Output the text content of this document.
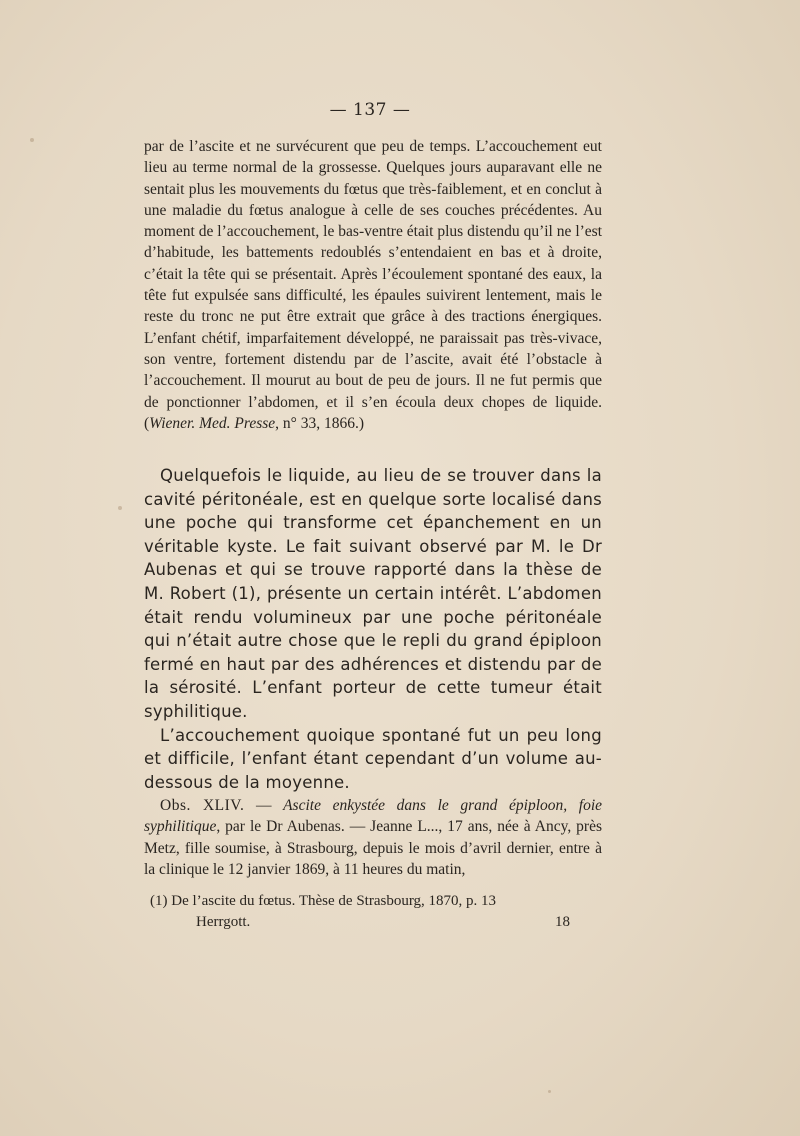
— 137 —

par de l’ascite et ne survécurent que peu de temps. L’accouchement eut lieu au terme normal de la grossesse. Quelques jours auparavant elle ne sentait plus les mouvements du fœtus que très-faiblement, et en conclut à une maladie du fœtus analogue à celle de ses couches précédentes. Au moment de l’accouchement, le bas-ventre était plus distendu qu’il ne l’est d’habitude, les battements redoublés s’entendaient en bas et à droite, c’était la tête qui se présentait. Après l’écoulement spontané des eaux, la tête fut expulsée sans difficulté, les épaules suivirent lentement, mais le reste du tronc ne put être extrait que grâce à des tractions énergiques. L’enfant chétif, imparfaitement développé, ne paraissait pas très-vivace, son ventre, fortement distendu par de l’ascite, avait été l’obstacle à l’accouchement. Il mourut au bout de peu de jours. Il ne fut permis que de ponctionner l’abdomen, et il s’en écoula deux chopes de liquide. (Wiener. Med. Presse, n° 33, 1866.)

Quelquefois le liquide, au lieu de se trouver dans la cavité péritonéale, est en quelque sorte localisé dans une poche qui transforme cet épanchement en un véritable kyste. Le fait suivant observé par M. le Dr Aubenas et qui se trouve rapporté dans la thèse de M. Robert (1), présente un certain intérêt. L’abdomen était rendu volumineux par une poche péritonéale qui n’était autre chose que le repli du grand épiploon fermé en haut par des adhérences et distendu par de la sérosité. L’enfant porteur de cette tumeur était syphilitique.

L’accouchement quoique spontané fut un peu long et difficile, l’enfant étant cependant d’un volume au-dessous de la moyenne.

Obs. XLIV. — Ascite enkystée dans le grand épiploon, foie syphilitique, par le Dr Aubenas. — Jeanne L..., 17 ans, née à Ancy, près Metz, fille soumise, à Strasbourg, depuis le mois d’avril dernier, entre à la clinique le 12 janvier 1869, à 11 heures du matin,

(1) De l’ascite du fœtus. Thèse de Strasbourg, 1870, p. 13
Herrgott.	18
